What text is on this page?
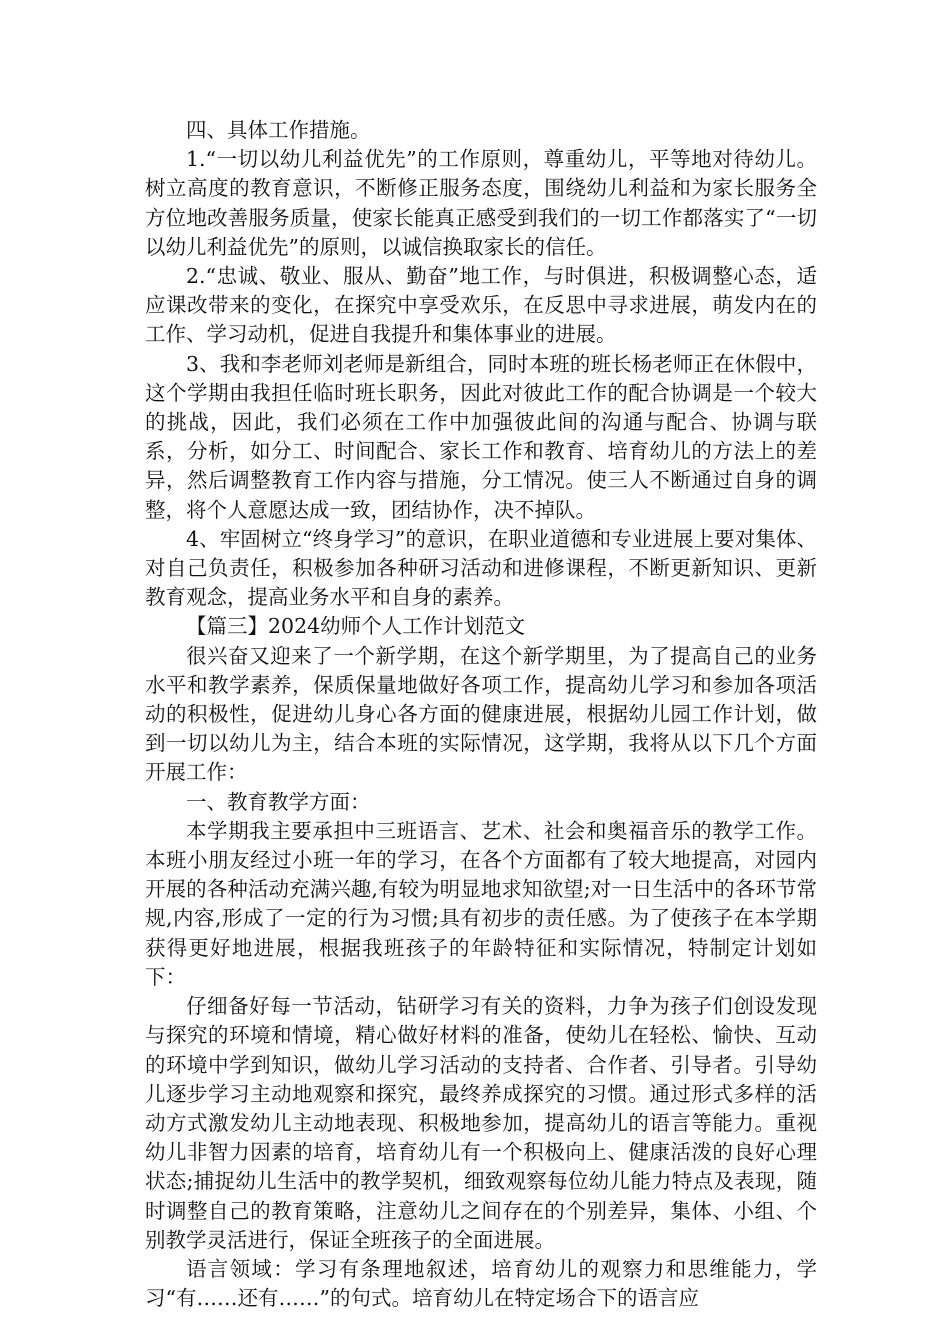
四、具体工作措施。

1.“一切以幼儿利益优先”的工作原则，尊重幼儿，平等地对待幼儿。树立高度的教育意识，不断修正服务态度，围绕幼儿利益和为家长服务全方位地改善服务质量，使家长能真正感受到我们的一切工作都落实了“一切以幼儿利益优先”的原则，以诚信换取家长的信任。

2.“忠诚、敬业、服从、勤奋”地工作，与时俱进，积极调整心态，适应课改带来的变化，在探究中享受欢乐，在反思中寻求进展，萌发内在的工作、学习动机，促进自我提升和集体事业的进展。

3、我和李老师刘老师是新组合，同时本班的班长杨老师正在休假中，这个学期由我担任临时班长职务，因此对彼此工作的配合协调是一个较大的挑战，因此，我们必须在工作中加强彼此间的沟通与配合、协调与联系，分析，如分工、时间配合、家长工作和教育、培育幼儿的方法上的差异，然后调整教育工作内容与措施，分工情况。使三人不断通过自身的调整，将个人意愿达成一致，团结协作，决不掉队。

4、牢固树立“终身学习”的意识，在职业道德和专业进展上要对集体、对自己负责任，积极参加各种研习活动和进修课程，不断更新知识、更新教育观念，提高业务水平和自身的素养。

【篇三】2024幼师个人工作计划范文

很兴奋又迎来了一个新学期，在这个新学期里，为了提高自己的业务水平和教学素养，保质保量地做好各项工作，提高幼儿学习和参加各项活动的积极性，促进幼儿身心各方面的健康进展，根据幼儿园工作计划，做到一切以幼儿为主，结合本班的实际情况，这学期，我将从以下几个方面开展工作：

一、教育教学方面：

本学期我主要承担中三班语言、艺术、社会和奥福音乐的教学工作。本班小朋友经过小班一年的学习，在各个方面都有了较大地提高，对园内开展的各种活动充满兴趣,有较为明显地求知欲望;对一日生活中的各环节常规,内容,形成了一定的行为习惯;具有初步的责任感。为了使孩子在本学期获得更好地进展，根据我班孩子的年龄特征和实际情况，特制定计划如下：

仔细备好每一节活动，钻研学习有关的资料，力争为孩子们创设发现与探究的环境和情境，精心做好材料的准备，使幼儿在轻松、愉快、互动的环境中学到知识，做幼儿学习活动的支持者、合作者、引导者。引导幼儿逐步学习主动地观察和探究，最终养成探究的习惯。通过形式多样的活动方式激发幼儿主动地表现、积极地参加，提高幼儿的语言等能力。重视幼儿非智力因素的培育，培育幼儿有一个积极向上、健康活泼的良好心理状态;捕捉幼儿生活中的教学契机，细致观察每位幼儿能力特点及表现，随时调整自己的教育策略，注意幼儿之间存在的个别差异，集体、小组、个别教学灵活进行，保证全班孩子的全面进展。

语言领域：学习有条理地叙述，培育幼儿的观察力和思维能力，学习“有……还有……”的句式。培育幼儿在特定场合下的语言应
